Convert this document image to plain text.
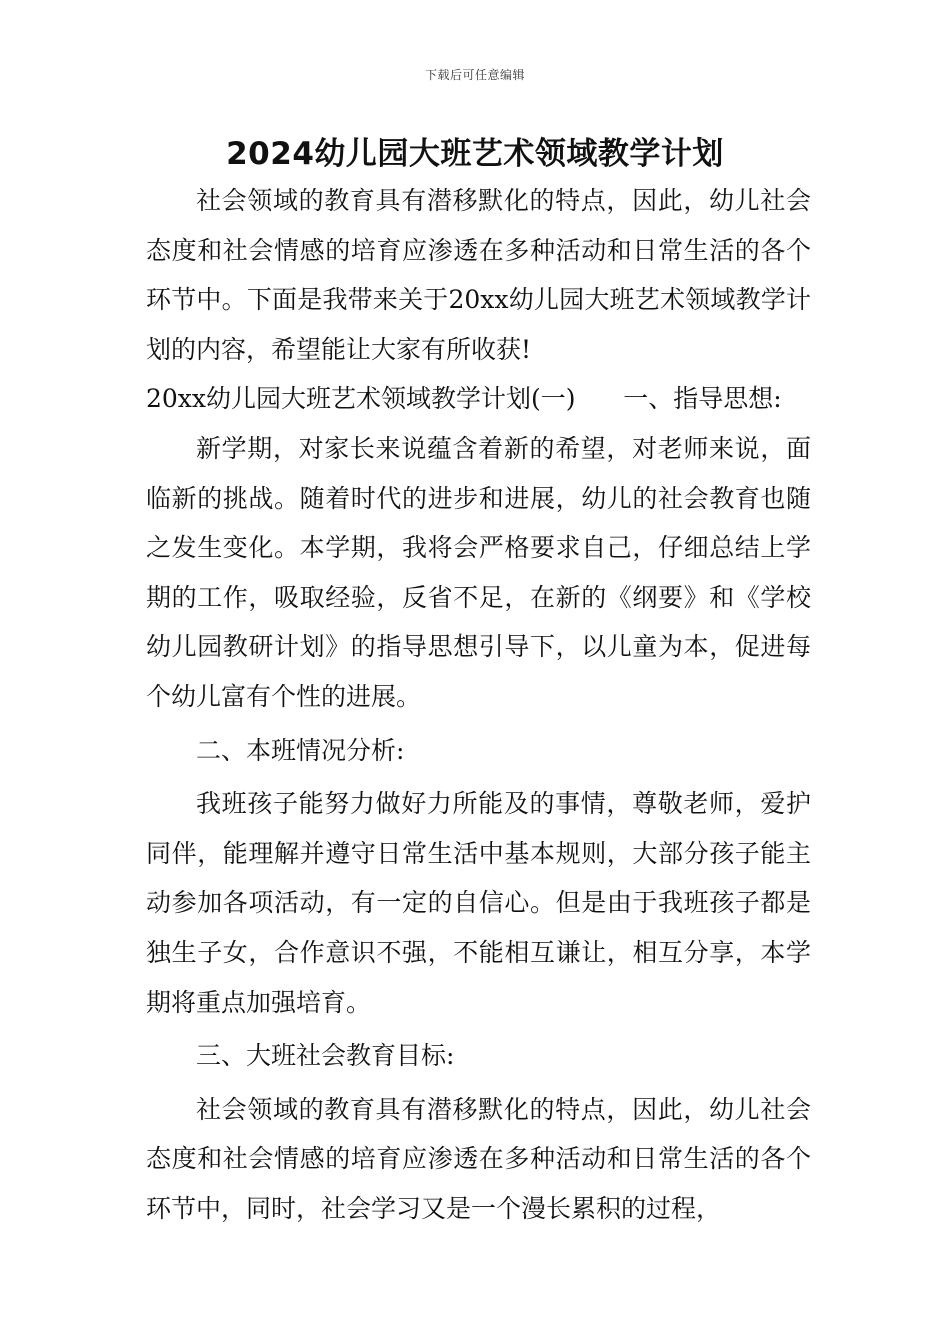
下载后可任意编辑
2024幼儿园大班艺术领域教学计划

社会领域的教育具有潜移默化的特点，因此，幼儿社会态度和社会情感的培育应渗透在多种活动和日常生活的各个环节中。下面是我带来关于20xx幼儿园大班艺术领域教学计划的内容，希望能让大家有所收获!

20xx幼儿园大班艺术领域教学计划(一)      一、指导思想:

新学期，对家长来说蕴含着新的希望，对老师来说，面临新的挑战。随着时代的进步和进展，幼儿的社会教育也随之发生变化。本学期，我将会严格要求自己，仔细总结上学期的工作，吸取经验，反省不足，在新的《纲要》和《学校幼儿园教研计划》的指导思想引导下，以儿童为本，促进每个幼儿富有个性的进展。

二、本班情况分析:

我班孩子能努力做好力所能及的事情，尊敬老师，爱护同伴，能理解并遵守日常生活中基本规则，大部分孩子能主动参加各项活动，有一定的自信心。但是由于我班孩子都是独生子女，合作意识不强，不能相互谦让，相互分享，本学期将重点加强培育。

三、大班社会教育目标:

社会领域的教育具有潜移默化的特点，因此，幼儿社会态度和社会情感的培育应渗透在多种活动和日常生活的各个环节中，同时，社会学习又是一个漫长累积的过程，
